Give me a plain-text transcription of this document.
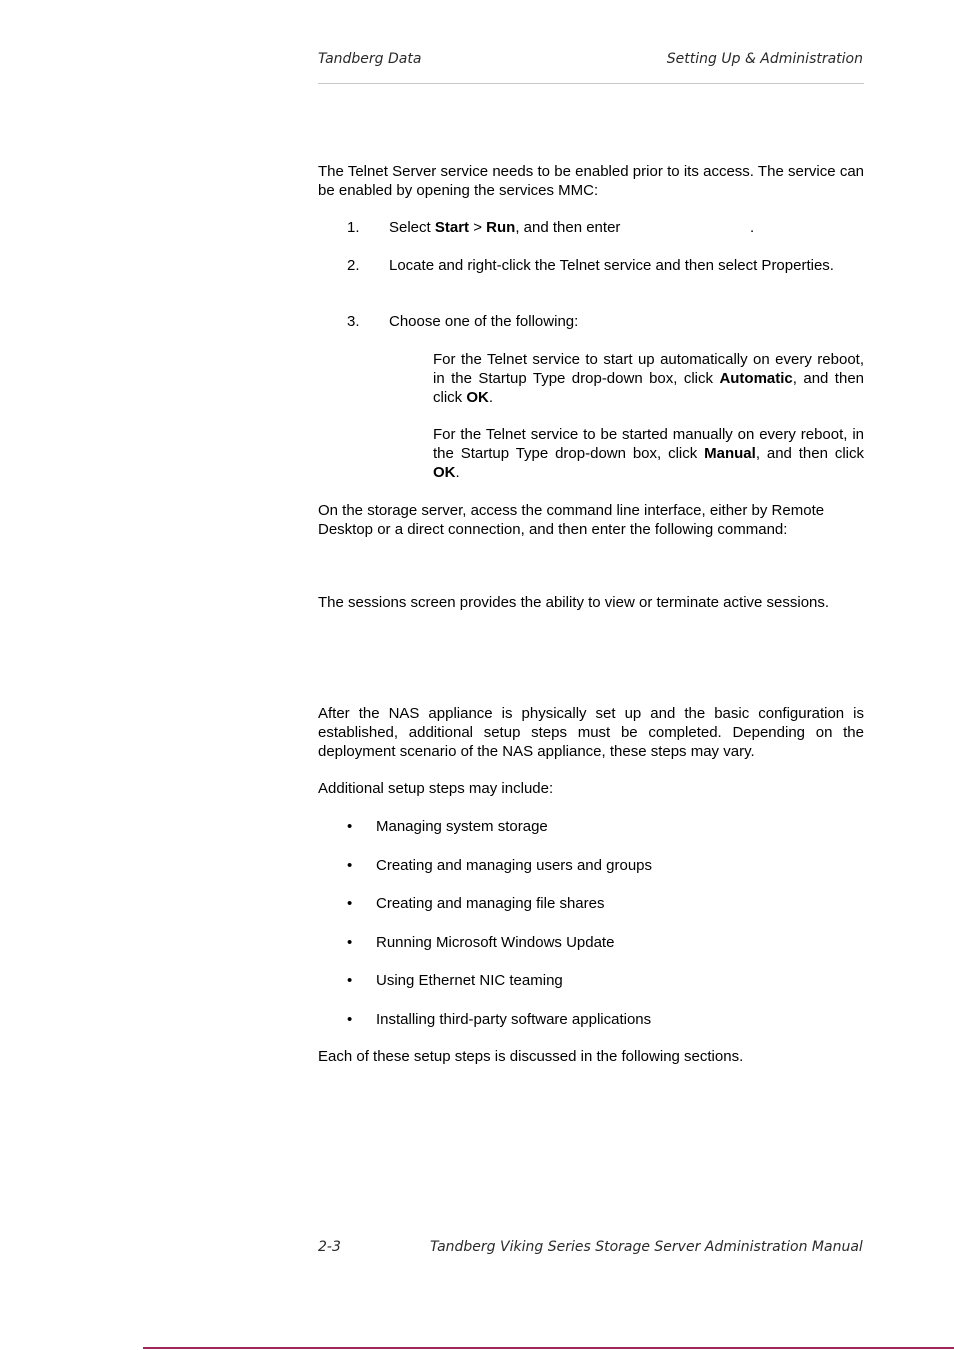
Tandberg Data	Setting Up & Administration
The Telnet Server service needs to be enabled prior to its access. The service can be enabled by opening the services MMC:
1.	Select Start > Run, and then enter	.
2.	Locate and right-click the Telnet service and then select Properties.
3.	Choose one of the following:
For the Telnet service to start up automatically on every reboot, in the Startup Type drop-down box, click Automatic, and then click OK.
For the Telnet service to be started manually on every reboot, in the Startup Type drop-down box, click Manual, and then click OK.
On the storage server, access the command line interface, either by Remote Desktop or a direct connection, and then enter the following command:
The sessions screen provides the ability to view or terminate active sessions.
After the NAS appliance is physically set up and the basic configuration is established, additional setup steps must be completed. Depending on the deployment scenario of the NAS appliance, these steps may vary.
Additional setup steps may include:
• Managing system storage
• Creating and managing users and groups
• Creating and managing file shares
• Running Microsoft Windows Update
• Using Ethernet NIC teaming
• Installing third-party software applications
Each of these setup steps is discussed in the following sections.
2-3	Tandberg Viking Series Storage Server Administration Manual
